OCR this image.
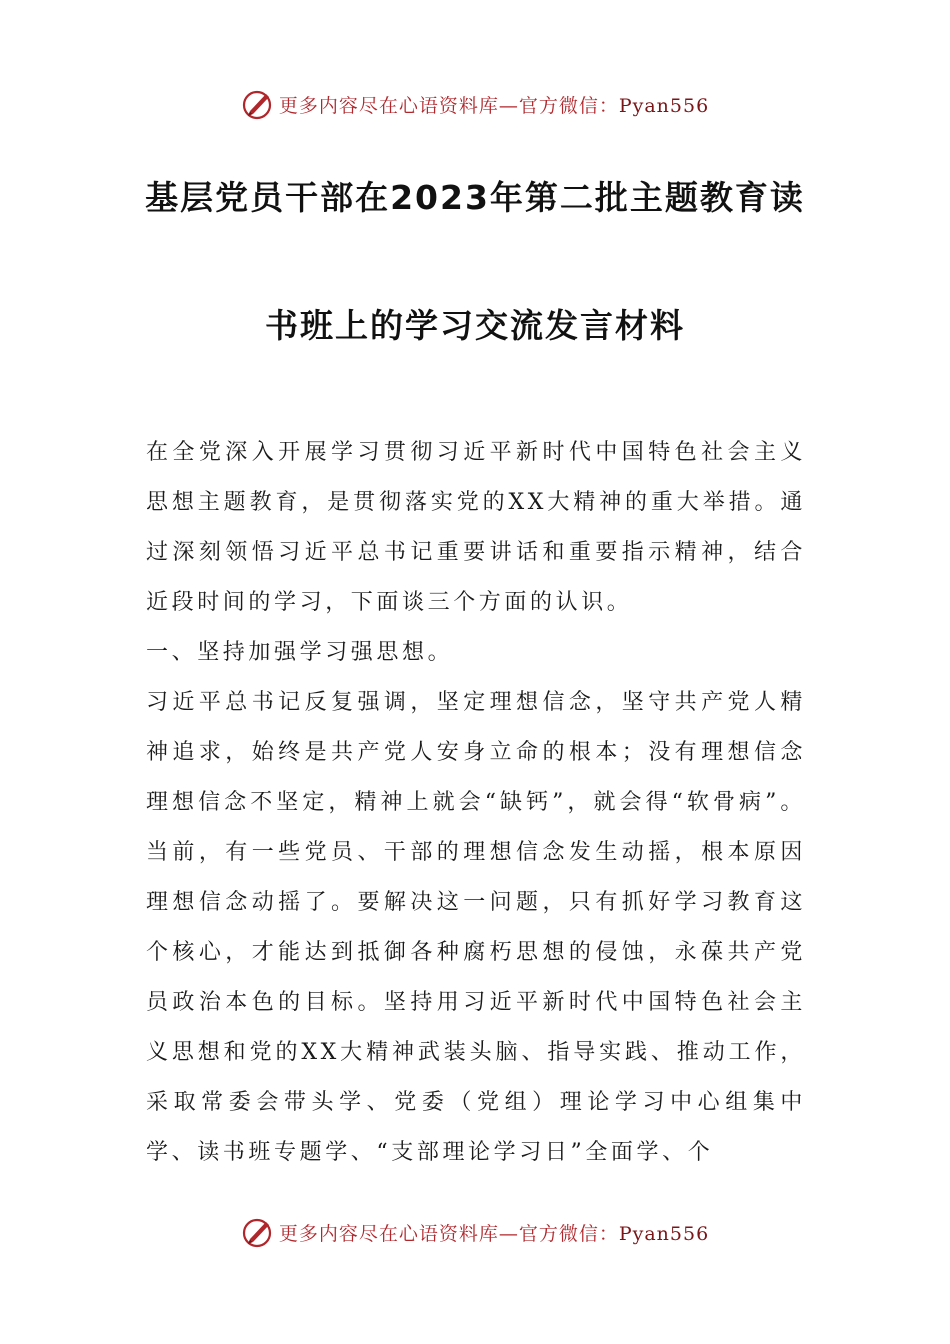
更多内容尽在心语资料库—官方微信：Pyan556
基层党员干部在2023年第二批主题教育读
书班上的学习交流发言材料

在全党深入开展学习贯彻习近平新时代中国特色社会主义思想主题教育，是贯彻落实党的XX大精神的重大举措。通过深刻领悟习近平总书记重要讲话和重要指示精神，结合近段时间的学习，下面谈三个方面的认识。

一、坚持加强学习强思想。

习近平总书记反复强调，坚定理想信念，坚守共产党人精神追求，始终是共产党人安身立命的根本；没有理想信念理想信念不坚定，精神上就会“缺钙”，就会得“软骨病”。当前，有一些党员、干部的理想信念发生动摇，根本原因理想信念动摇了。要解决这一问题，只有抓好学习教育这个核心，才能达到抵御各种腐朽思想的侵蚀，永葆共产党员政治本色的目标。坚持用习近平新时代中国特色社会主义思想和党的XX大精神武装头脑、指导实践、推动工作，采取常委会带头学、党委（党组）理论学习中心组集中学、读书班专题学、“支部理论学习日”全面学、个

更多内容尽在心语资料库—官方微信：Pyan556
